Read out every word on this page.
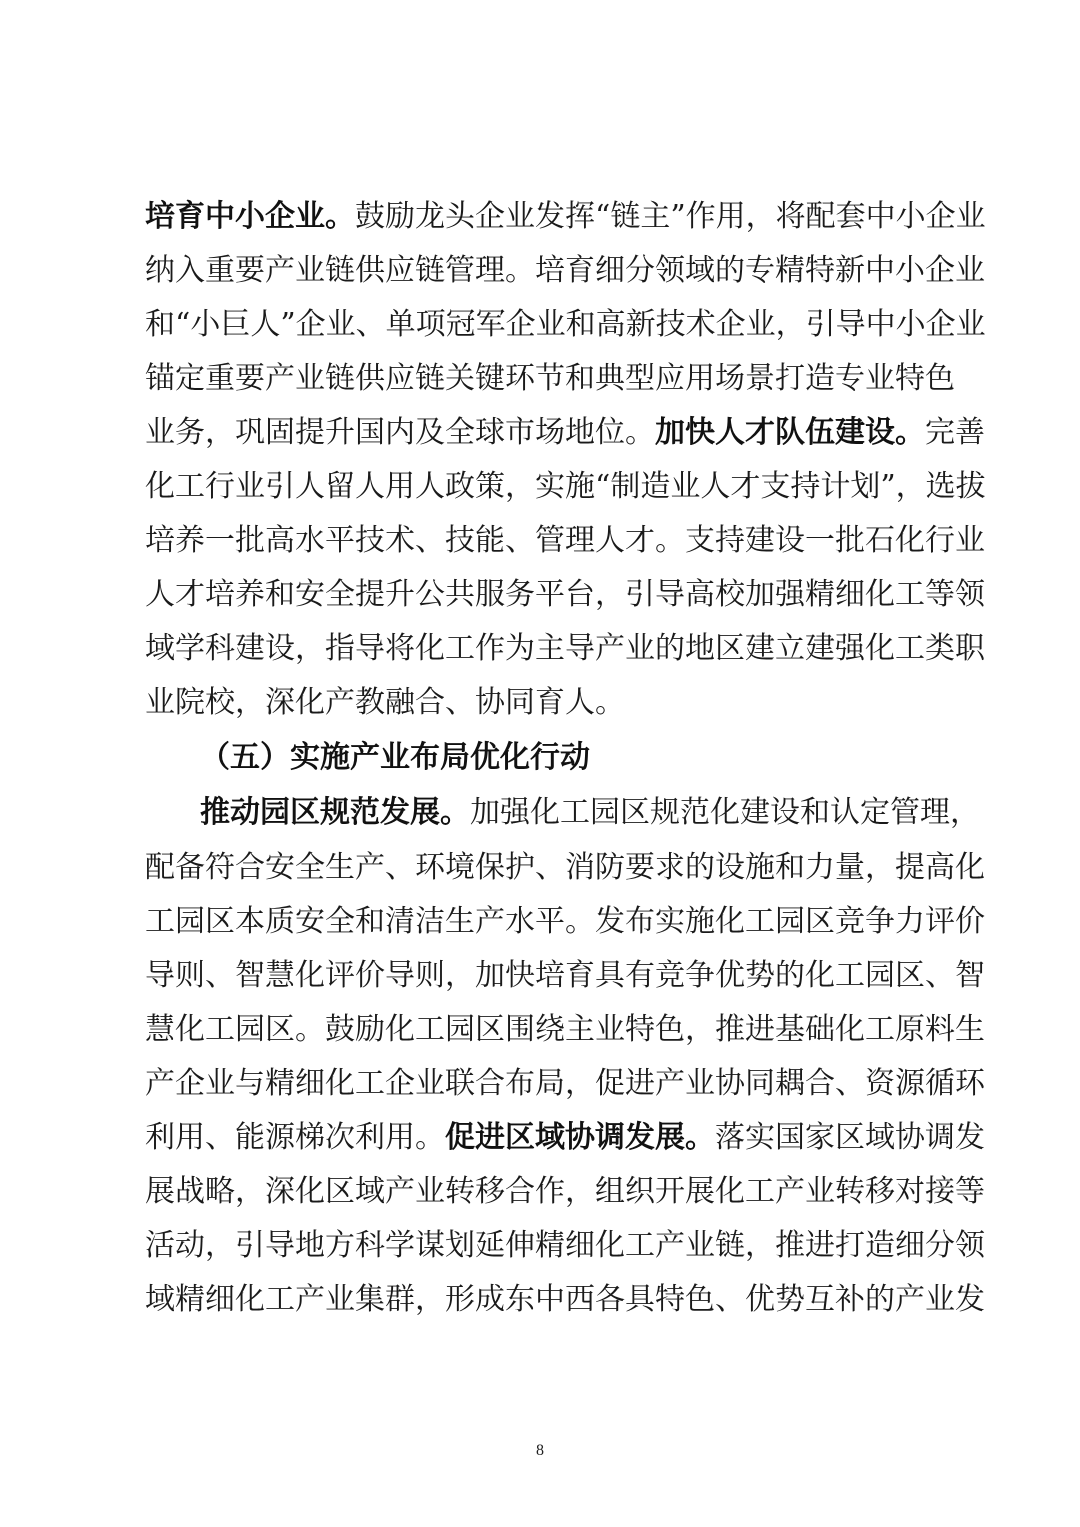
培育中小企业。鼓励龙头企业发挥“链主”作用，将配套中小企业
纳入重要产业链供应链管理。培育细分领域的专精特新中小企业
和“小巨人”企业、单项冠军企业和高新技术企业，引导中小企业
锚定重要产业链供应链关键环节和典型应用场景打造专业特色
业务，巩固提升国内及全球市场地位。加快人才队伍建设。完善
化工行业引人留人用人政策，实施“制造业人才支持计划”，选拔
培养一批高水平技术、技能、管理人才。支持建设一批石化行业
人才培养和安全提升公共服务平台，引导高校加强精细化工等领
域学科建设，指导将化工作为主导产业的地区建立建强化工类职
业院校，深化产教融合、协同育人。
（五）实施产业布局优化行动
推动园区规范发展。加强化工园区规范化建设和认定管理，
配备符合安全生产、环境保护、消防要求的设施和力量，提高化
工园区本质安全和清洁生产水平。发布实施化工园区竞争力评价
导则、智慧化评价导则，加快培育具有竞争优势的化工园区、智
慧化工园区。鼓励化工园区围绕主业特色，推进基础化工原料生
产企业与精细化工企业联合布局，促进产业协同耦合、资源循环
利用、能源梯次利用。促进区域协调发展。落实国家区域协调发
展战略，深化区域产业转移合作，组织开展化工产业转移对接等
活动，引导地方科学谋划延伸精细化工产业链，推进打造细分领
域精细化工产业集群，形成东中西各具特色、优势互补的产业发
8
